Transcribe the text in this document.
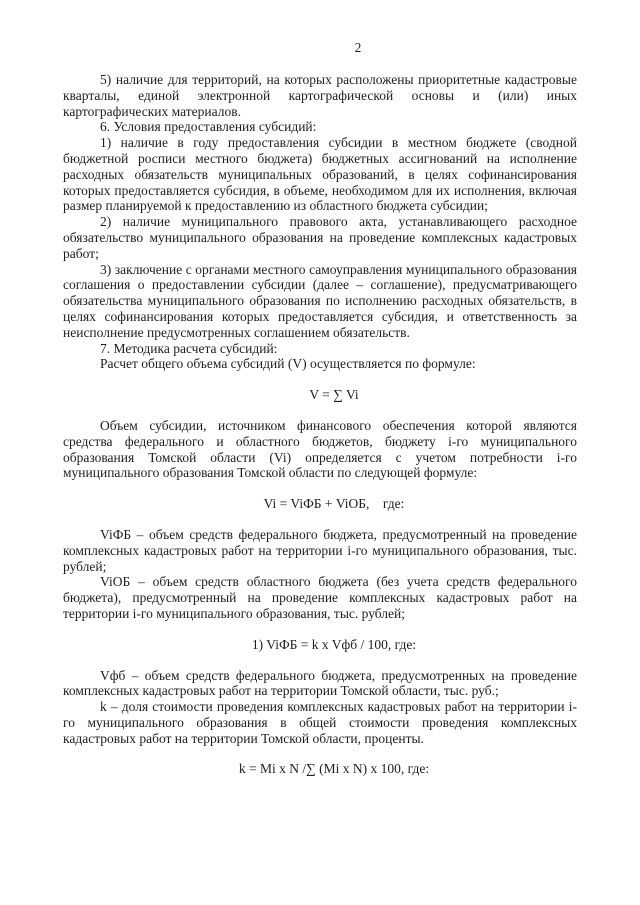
2

5) наличие для территорий, на которых расположены приоритетные кадастровые кварталы, единой электронной картографической основы и (или) иных картографических материалов.

6. Условия предоставления субсидий:

1) наличие в году предоставления субсидии в местном бюджете (сводной бюджетной росписи местного бюджета) бюджетных ассигнований на исполнение расходных обязательств муниципальных образований, в целях софинансирования которых предоставляется субсидия, в объеме, необходимом для их исполнения, включая размер планируемой к предоставлению из областного бюджета субсидии;

2) наличие муниципального правового акта, устанавливающего расходное обязательство муниципального образования на проведение комплексных кадастровых работ;

3) заключение с органами местного самоуправления муниципального образования соглашения о предоставлении субсидии (далее – соглашение), предусматривающего обязательства муниципального образования по исполнению расходных обязательств, в целях софинансирования которых предоставляется субсидия, и ответственность за неисполнение предусмотренных соглашением обязательств.

7. Методика расчета субсидий:

Расчет общего объема субсидий (V) осуществляется по формуле:

V = ∑ Vi

Объем субсидии, источником финансового обеспечения которой являются средства федерального и областного бюджетов, бюджету i-го муниципального образования Томской области (Vi) определяется с учетом потребности i-го муниципального образования Томской области по следующей формуле:

Vi = ViФБ + ViОБ,    где:

ViФБ – объем средств федерального бюджета, предусмотренный на проведение комплексных кадастровых работ на территории i-го муниципального образования, тыс. рублей;

ViОБ – объем средств областного бюджета (без учета средств федерального бюджета), предусмотренный на проведение комплексных кадастровых работ на территории i-го муниципального образования, тыс. рублей;

1) ViФБ = k x Vфб / 100, где:

Vфб – объем средств федерального бюджета, предусмотренных на проведение комплексных кадастровых работ на территории Томской области, тыс. руб.;

k – доля стоимости проведения комплексных кадастровых работ на территории i-го муниципального образования в общей стоимости проведения комплексных кадастровых работ на территории Томской области, проценты.

k = Mi x N /∑ (Mi x N) x 100, где:
